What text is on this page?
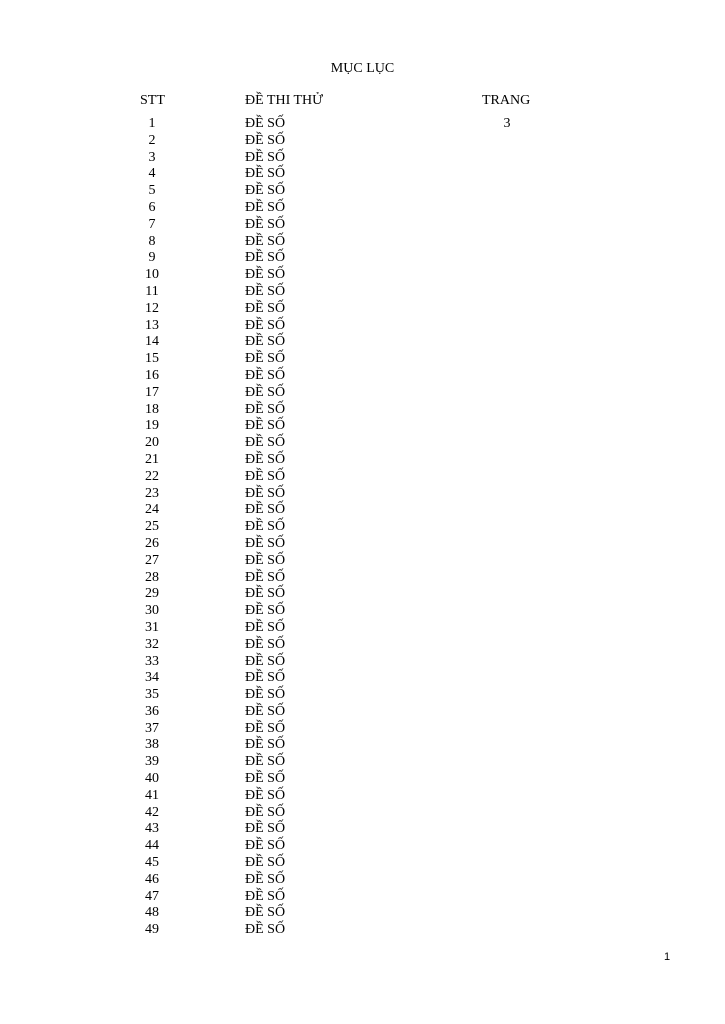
MỤC LỤC
STT	ĐỀ THI THỬ	TRANG
1	ĐỀ SỐ	3
2	ĐỀ SỐ
3	ĐỀ SỐ
4	ĐỀ SỐ
5	ĐỀ SỐ
6	ĐỀ SỐ
7	ĐỀ SỐ
8	ĐỀ SỐ
9	ĐỀ SỐ
10	ĐỀ SỐ
11	ĐỀ SỐ
12	ĐỀ SỐ
13	ĐỀ SỐ
14	ĐỀ SỐ
15	ĐỀ SỐ
16	ĐỀ SỐ
17	ĐỀ SỐ
18	ĐỀ SỐ
19	ĐỀ SỐ
20	ĐỀ SỐ
21	ĐỀ SỐ
22	ĐỀ SỐ
23	ĐỀ SỐ
24	ĐỀ SỐ
25	ĐỀ SỐ
26	ĐỀ SỐ
27	ĐỀ SỐ
28	ĐỀ SỐ
29	ĐỀ SỐ
30	ĐỀ SỐ
31	ĐỀ SỐ
32	ĐỀ SỐ
33	ĐỀ SỐ
34	ĐỀ SỐ
35	ĐỀ SỐ
36	ĐỀ SỐ
37	ĐỀ SỐ
38	ĐỀ SỐ
39	ĐỀ SỐ
40	ĐỀ SỐ
41	ĐỀ SỐ
42	ĐỀ SỐ
43	ĐỀ SỐ
44	ĐỀ SỐ
45	ĐỀ SỐ
46	ĐỀ SỐ
47	ĐỀ SỐ
48	ĐỀ SỐ
49	ĐỀ SỐ
1
